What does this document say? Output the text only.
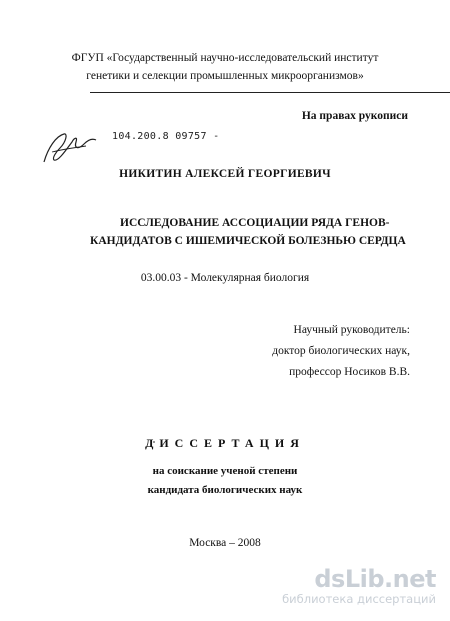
ФГУП «Государственный научно-исследовательский институт
генетики и селекции промышленных микроорганизмов»
На правах рукописи
104.200.8 09757 -
НИКИТИН АЛЕКСЕЙ ГЕОРГИЕВИЧ
ИССЛЕДОВАНИЕ АССОЦИАЦИИ РЯДА ГЕНОВ-
КАНДИДАТОВ С ИШЕМИЧЕСКОЙ БОЛЕЗНЬЮ СЕРДЦА
03.00.03 - Молекулярная биология
Научный руководитель:
доктор биологических наук,
профессор Носиков В.В.
ДИССЕРТАЦИЯ
на соискание ученой степени
кандидата биологических наук
Москва – 2008
dsLib.net
библиотека диссертаций
